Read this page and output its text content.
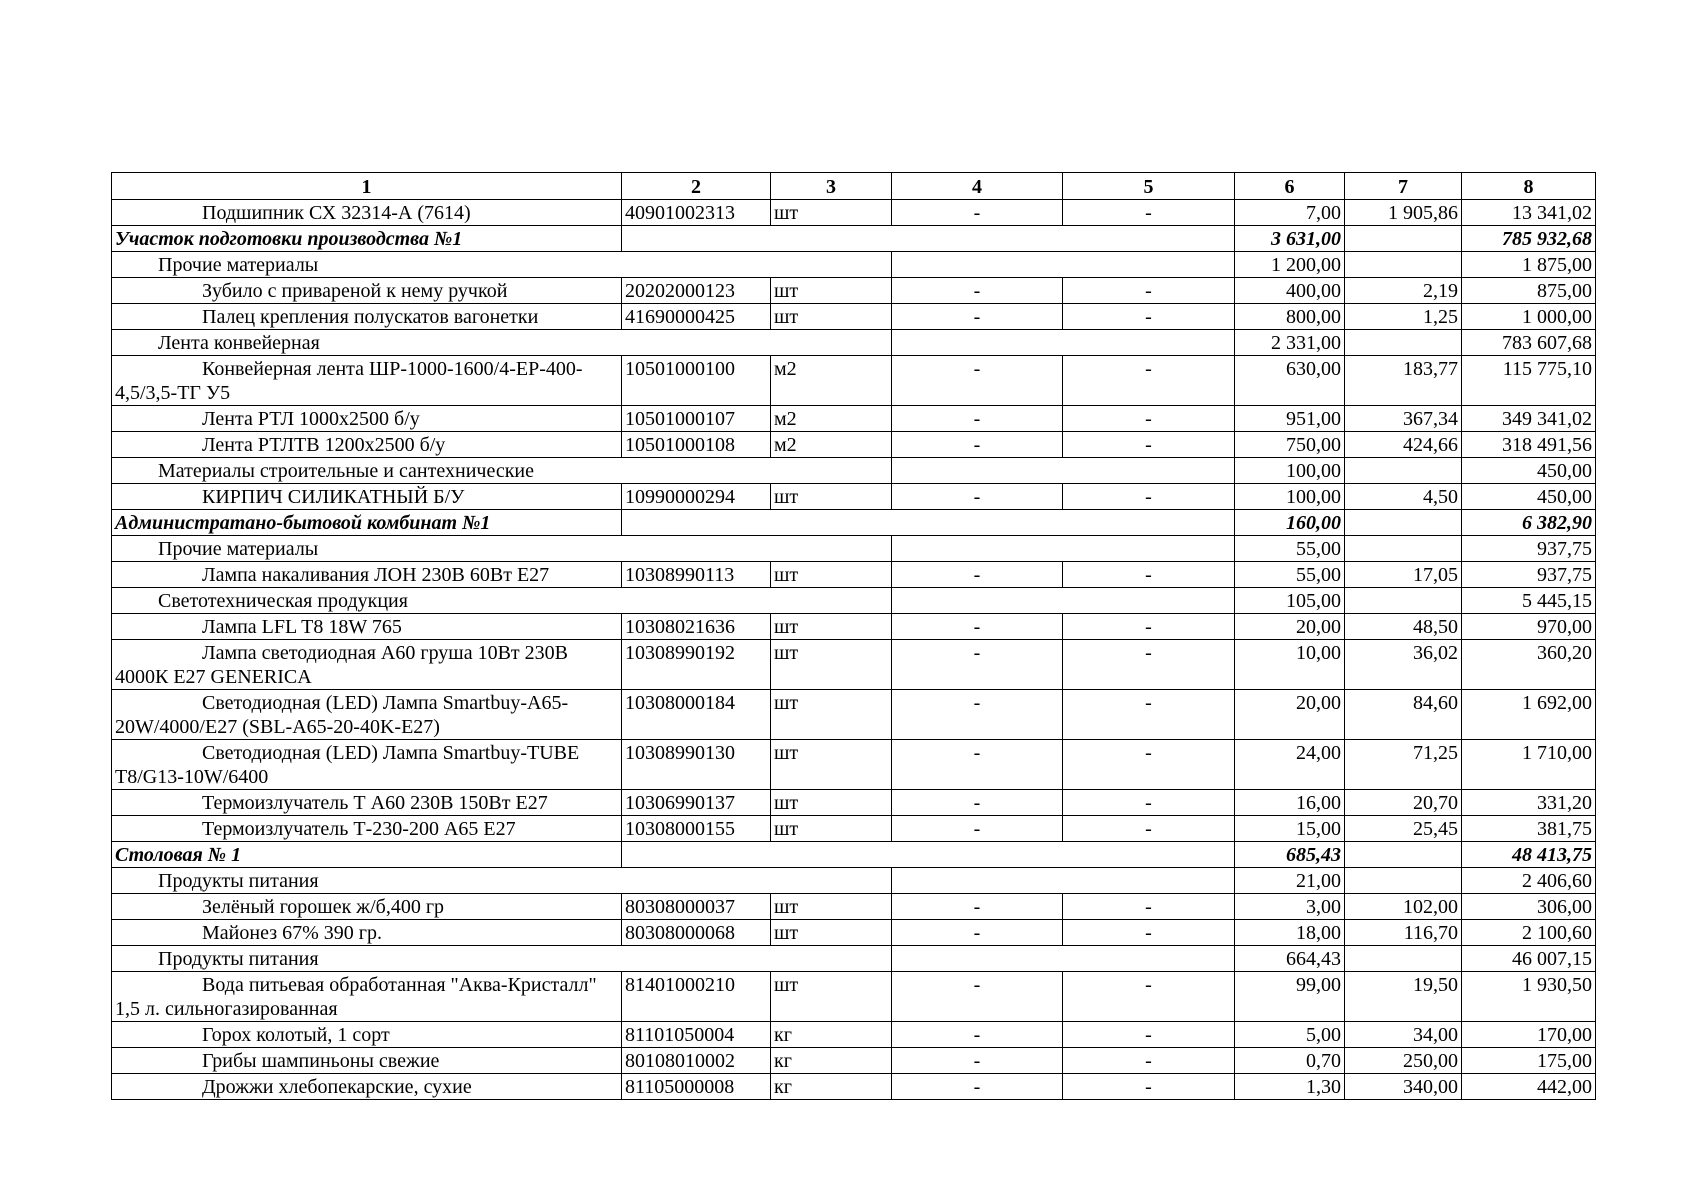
1	2	3	4	5	6	7	8
Подшипник СХ 32314-А (7614)	40901002313	шт	-	-	7,00	1 905,86	13 341,02
Участок подготовки производства №1					3 631,00		785 932,68
Прочие материалы					1 200,00		1 875,00
Зубило с привареной к нему ручкой	20202000123	шт	-	-	400,00	2,19	875,00
Палец крепления полускатов вагонетки	41690000425	шт	-	-	800,00	1,25	1 000,00
Лента конвейерная					2 331,00		783 607,68
Конвейерная лента ШР-1000-1600/4-ЕР-400-4,5/3,5-ТГ У5	10501000100	м2	-	-	630,00	183,77	115 775,10
Лента РТЛ 1000х2500 б/у	10501000107	м2	-	-	951,00	367,34	349 341,02
Лента РТЛТВ 1200х2500 б/у	10501000108	м2	-	-	750,00	424,66	318 491,56
Материалы строительные и сантехнические					100,00		450,00
КИРПИЧ СИЛИКАТНЫЙ Б/У	10990000294	шт	-	-	100,00	4,50	450,00
Администратано-бытовой комбинат №1					160,00		6 382,90
Прочие материалы					55,00		937,75
Лампа накаливания ЛОН 230В 60Вт Е27	10308990113	шт	-	-	55,00	17,05	937,75
Светотехническая продукция					105,00		5 445,15
Лампа LFL T8 18W 765	10308021636	шт	-	-	20,00	48,50	970,00
Лампа светодиодная А60 груша 10Вт 230В 4000К Е27 GENERICA	10308990192	шт	-	-	10,00	36,02	360,20
Светодиодная (LED) Лампа Smartbuy-A65-20W/4000/E27 (SBL-A65-20-40K-E27)	10308000184	шт	-	-	20,00	84,60	1 692,00
Светодиодная (LED) Лампа Smartbuy-TUBE T8/G13-10W/6400	10308990130	шт	-	-	24,00	71,25	1 710,00
Термоизлучатель Т А60 230В 150Вт Е27	10306990137	шт	-	-	16,00	20,70	331,20
Термоизлучатель Т-230-200 А65 Е27	10308000155	шт	-	-	15,00	25,45	381,75
Столовая № 1					685,43		48 413,75
Продукты питания					21,00		2 406,60
Зелёный горошек ж/б,400 гр	80308000037	шт	-	-	3,00	102,00	306,00
Майонез 67% 390 гр.	80308000068	шт	-	-	18,00	116,70	2 100,60
Продукты питания					664,43		46 007,15
Вода питьевая обработанная "Аква-Кристалл" 1,5 л. сильногазированная	81401000210	шт	-	-	99,00	19,50	1 930,50
Горох колотый, 1 сорт	81101050004	кг	-	-	5,00	34,00	170,00
Грибы шампиньоны свежие	80108010002	кг	-	-	0,70	250,00	175,00
Дрожжи хлебопекарские, сухие	81105000008	кг	-	-	1,30	340,00	442,00
